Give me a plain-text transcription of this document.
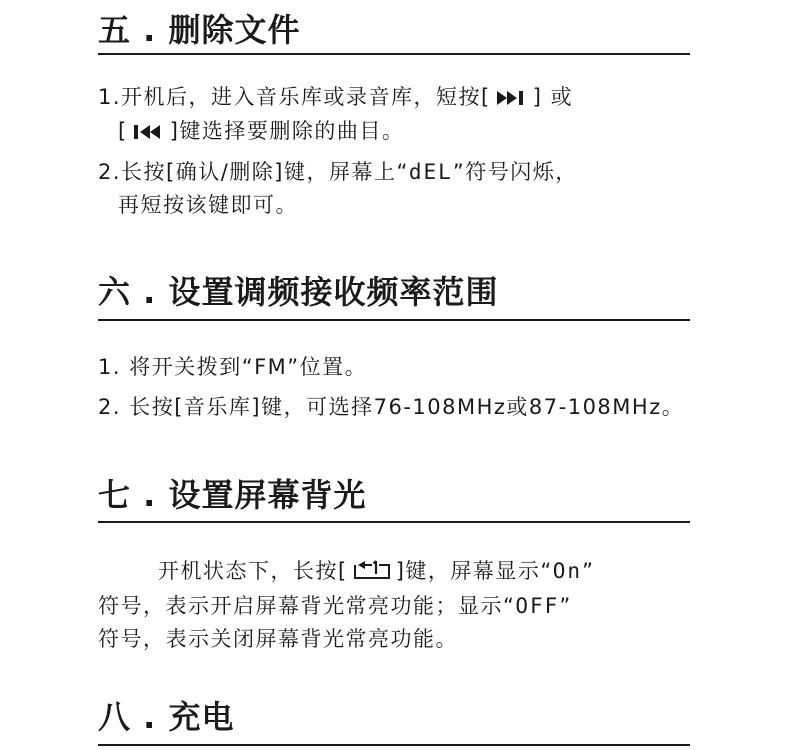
五 . 删除文件
1.开机后，进入音乐库或录音库，短按[ ] 或
[ ]键选择要删除的曲目。
2.长按[确认/删除]键，屏幕上“dEL”符号闪烁，
再短按该键即可。
六 . 设置调频接收频率范围
1. 将开关拨到“FM”位置。
2. 长按[音乐库]键，可选择76-108MHz或87-108MHz。
七 . 设置屏幕背光
开机状态下，长按[ ]键，屏幕显示“On”
符号，表示开启屏幕背光常亮功能；显示“OFF”
符号，表示关闭屏幕背光常亮功能。
八 . 充电
